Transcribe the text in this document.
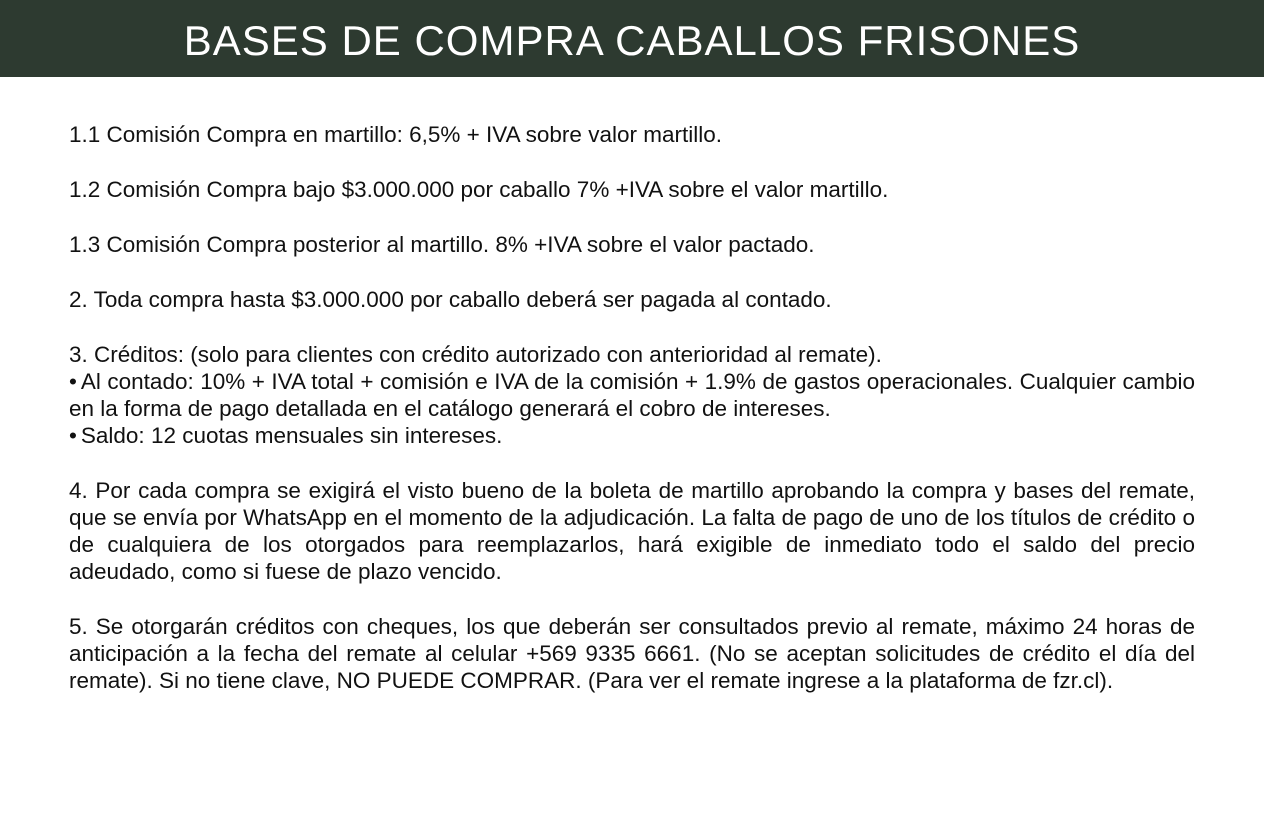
BASES DE COMPRA CABALLOS FRISONES
1.1 Comisión Compra en martillo: 6,5% + IVA sobre valor martillo.
1.2 Comisión Compra bajo $3.000.000 por caballo 7% +IVA sobre el valor martillo.
1.3 Comisión Compra posterior al martillo. 8% +IVA sobre el valor pactado.
2. Toda compra hasta $3.000.000 por caballo deberá ser pagada al contado.
3. Créditos: (solo para clientes con crédito autorizado con anterioridad al remate).
• Al contado: 10% + IVA total + comisión e IVA de la comisión + 1.9% de gastos operacionales. Cualquier cambio en la forma de pago detallada en el catálogo generará el cobro de intereses.
• Saldo: 12 cuotas mensuales sin intereses.
4. Por cada compra se exigirá el visto bueno de la boleta de martillo aprobando la compra y bases del remate, que se envía por WhatsApp en el momento de la adjudicación. La falta de pago de uno de los títulos de crédito o de cualquiera de los otorgados para reemplazarlos, hará exigible de inmediato todo el saldo del precio adeudado, como si fuese de plazo vencido.
5. Se otorgarán créditos con cheques, los que deberán ser consultados previo al remate, máximo 24 horas de anticipación a la fecha del remate al celular +569 9335 6661. (No se aceptan solicitudes de crédito el día del remate). Si no tiene clave, NO PUEDE COMPRAR. (Para ver el remate ingrese a la plataforma de fzr.cl).
